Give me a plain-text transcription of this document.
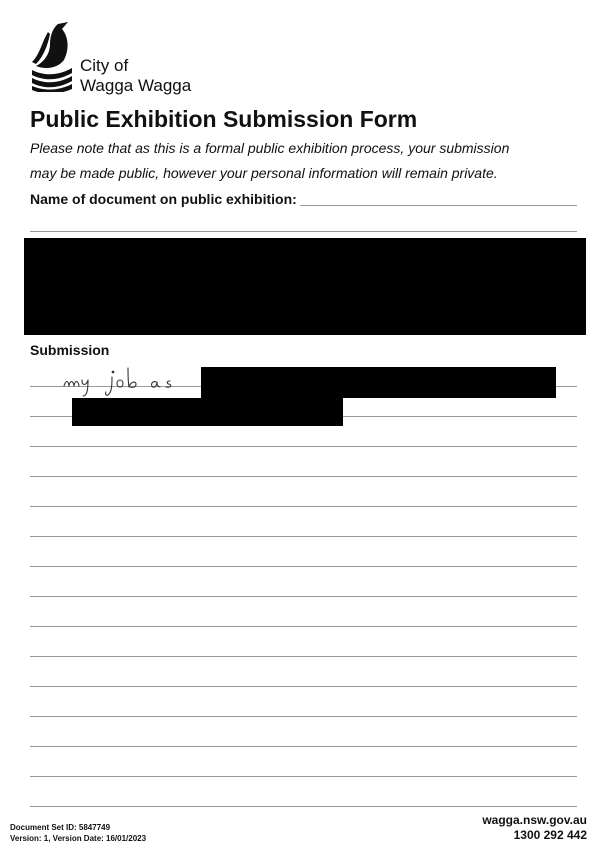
City of
Wagga Wagga
Public Exhibition Submission Form
Please note that as this is a formal public exhibition process, your submission
may be made public, however your personal information will remain private.
Name of document on public exhibition:
Submission
Document Set ID: 5847749
Version: 1, Version Date: 16/01/2023
wagga.nsw.gov.au
1300 292 442
